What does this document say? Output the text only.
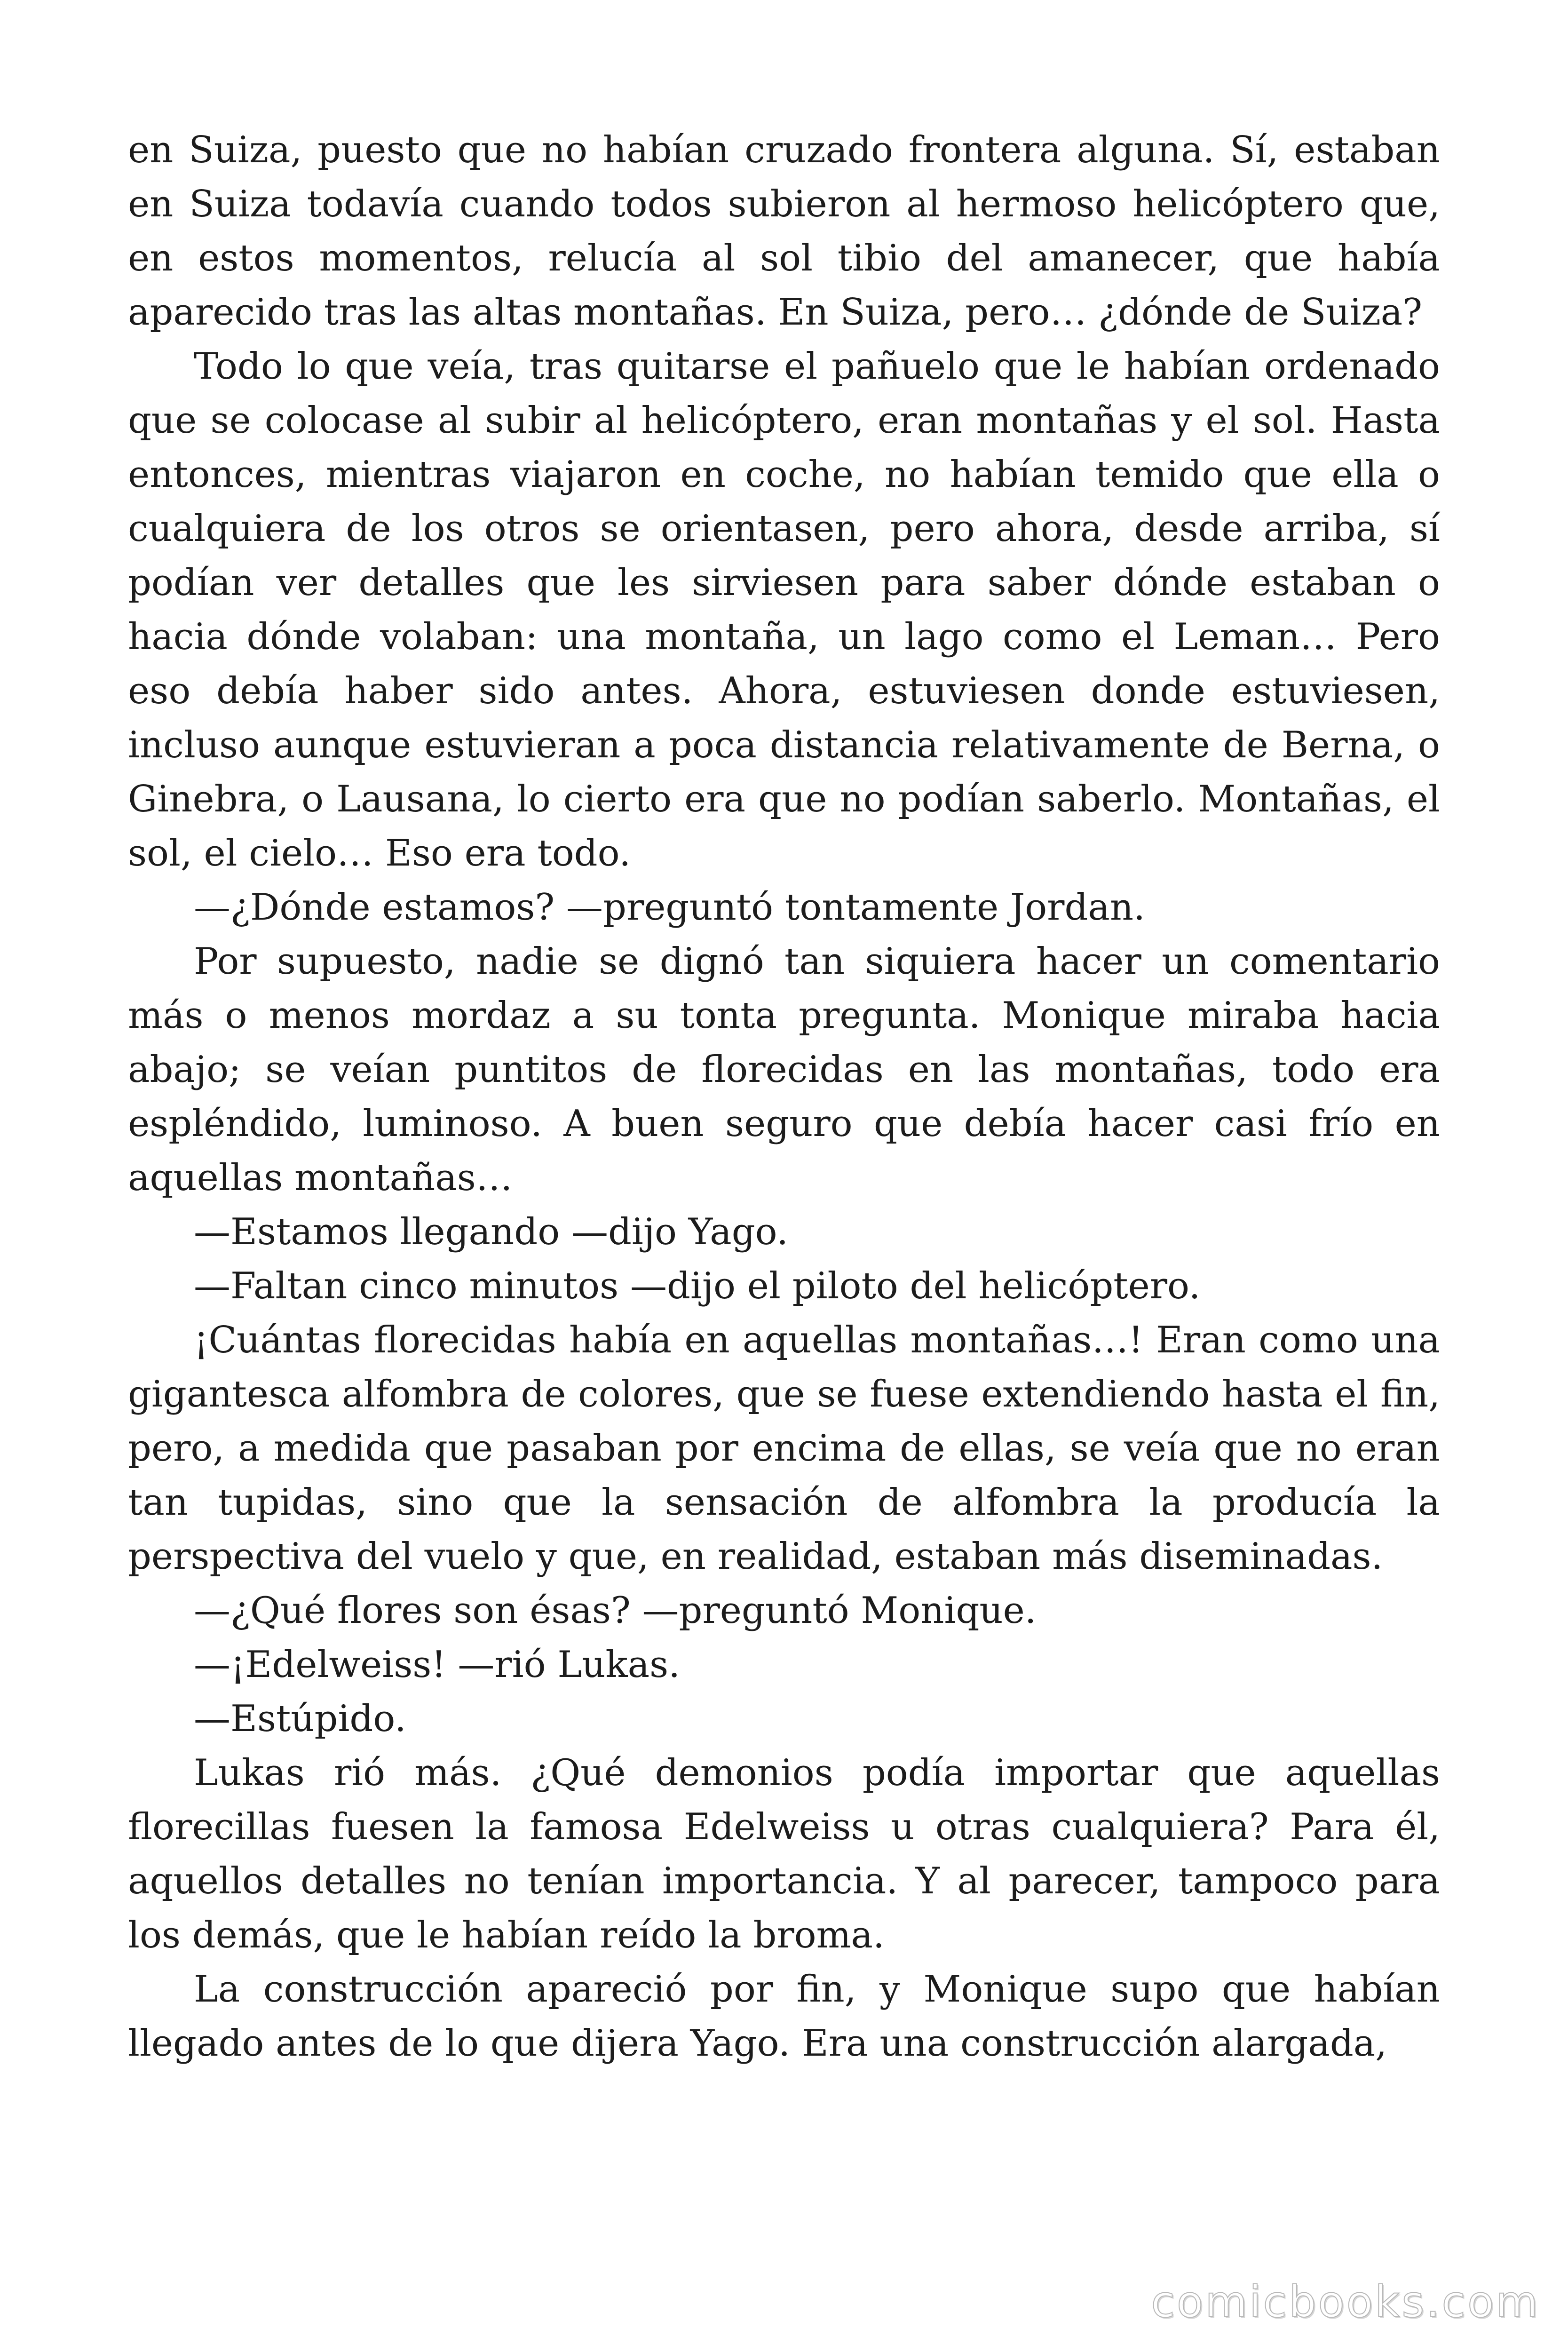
en Suiza, puesto que no habían cruzado frontera alguna. Sí, estaban en Suiza todavía cuando todos subieron al hermoso helicóptero que, en estos momentos, relucía al sol tibio del amanecer, que había aparecido tras las altas montañas. En Suiza, pero… ¿dónde de Suiza?

Todo lo que veía, tras quitarse el pañuelo que le habían ordenado que se colocase al subir al helicóptero, eran montañas y el sol. Hasta entonces, mientras viajaron en coche, no habían temido que ella o cualquiera de los otros se orientasen, pero ahora, desde arriba, sí podían ver detalles que les sirviesen para saber dónde estaban o hacia dónde volaban: una montaña, un lago como el Leman… Pero eso debía haber sido antes. Ahora, estuviesen donde estuviesen, incluso aunque estuvieran a poca distancia relativamente de Berna, o Ginebra, o Lausana, lo cierto era que no podían saberlo. Montañas, el sol, el cielo… Eso era todo.

—¿Dónde estamos? —preguntó tontamente Jordan.

Por supuesto, nadie se dignó tan siquiera hacer un comentario más o menos mordaz a su tonta pregunta. Monique miraba hacia abajo; se veían puntitos de florecidas en las montañas, todo era espléndido, luminoso. A buen seguro que debía hacer casi frío en aquellas montañas…

—Estamos llegando —dijo Yago.

—Faltan cinco minutos —dijo el piloto del helicóptero.

¡Cuántas florecidas había en aquellas montañas…! Eran como una gigantesca alfombra de colores, que se fuese extendiendo hasta el fin, pero, a medida que pasaban por encima de ellas, se veía que no eran tan tupidas, sino que la sensación de alfombra la producía la perspectiva del vuelo y que, en realidad, estaban más diseminadas.

—¿Qué flores son ésas? —preguntó Monique.

—¡Edelweiss! —rió Lukas.

—Estúpido.

Lukas rió más. ¿Qué demonios podía importar que aquellas florecillas fuesen la famosa Edelweiss u otras cualquiera? Para él, aquellos detalles no tenían importancia. Y al parecer, tampoco para los demás, que le habían reído la broma.

La construcción apareció por fin, y Monique supo que habían llegado antes de lo que dijera Yago. Era una construcción alargada,

comicbooks.com
